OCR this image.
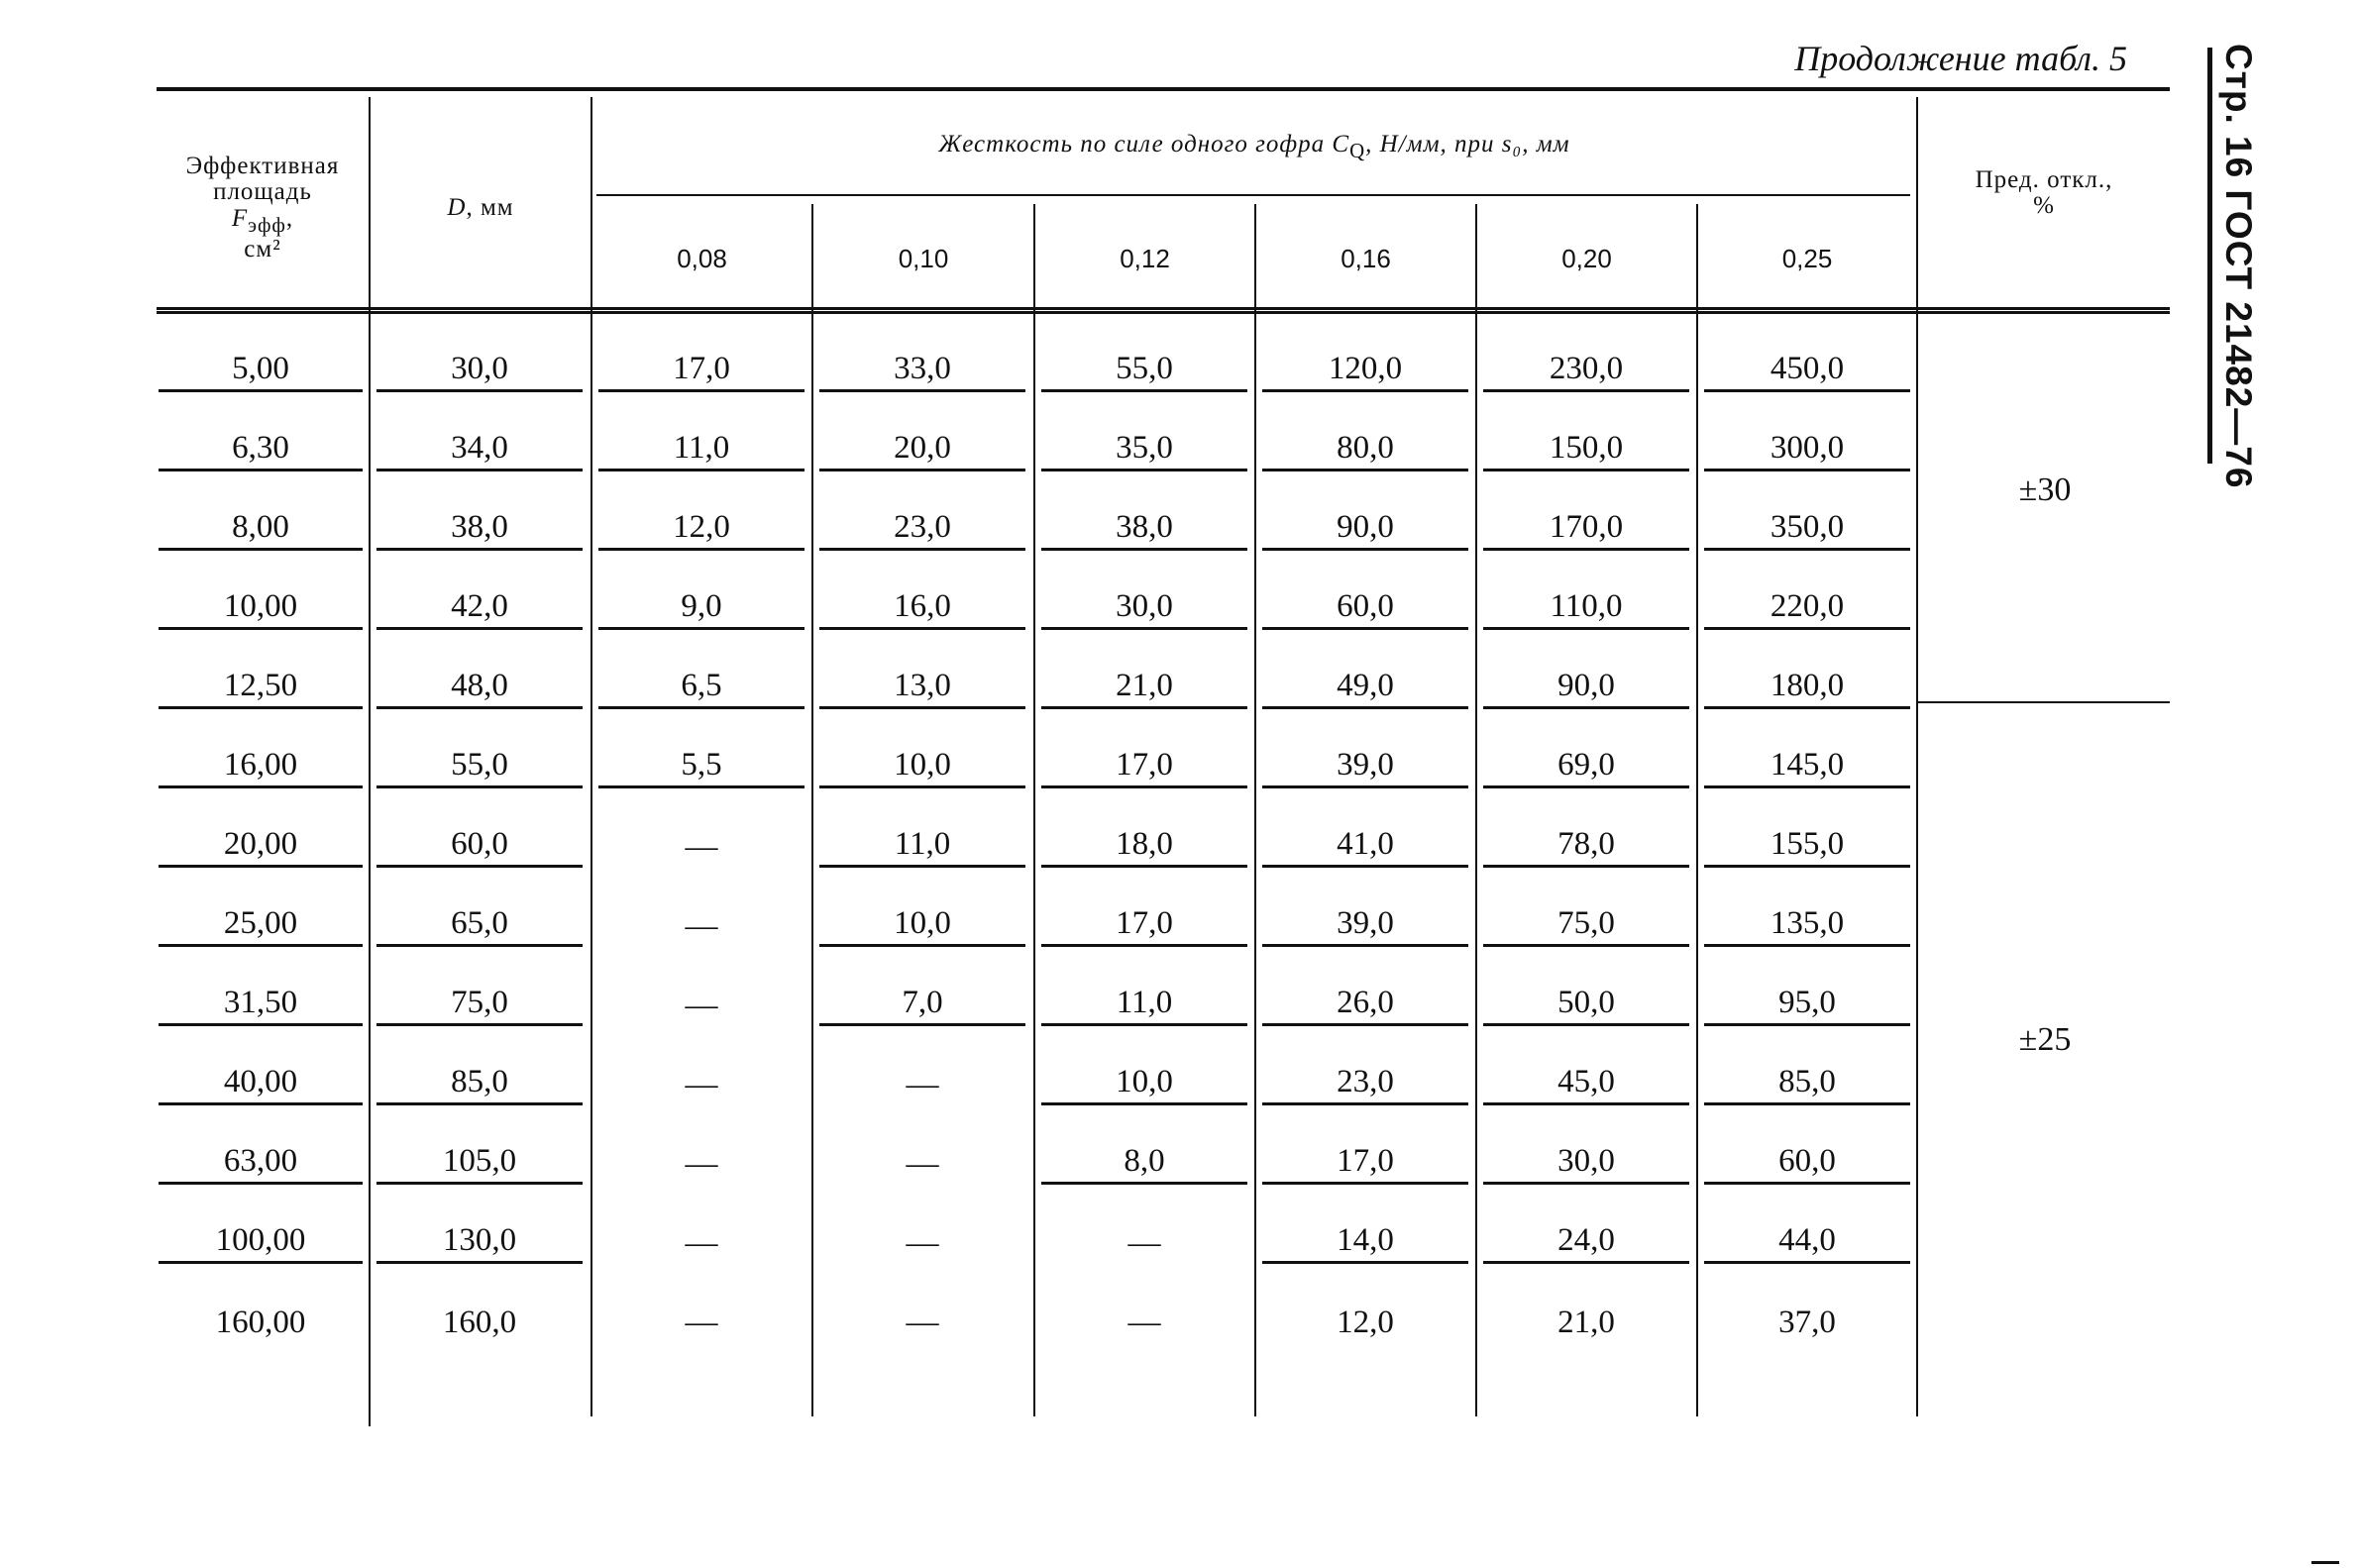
Продолжение табл. 5 Стр. 16 ГОСТ 21482—76
Эффективная
площадь
$F_{эфф}$,
см²
D, мм
Жесткость по силе одного гофра $C_Q$, Н/мм, при s₀, мм
Пред. откл.,
%
0,08	0,10	0,12	0,16	0,20	0,25
5,00	30,0	17,0	33,0	55,0	120,0	230,0	450,0
6,30	34,0	11,0	20,0	35,0	80,0	150,0	300,0
8,00	38,0	12,0	23,0	38,0	90,0	170,0	350,0
10,00	42,0	9,0	16,0	30,0	60,0	110,0	220,0
12,50	48,0	6,5	13,0	21,0	49,0	90,0	180,0
16,00	55,0	5,5	10,0	17,0	39,0	69,0	145,0
20,00	60,0	—	11,0	18,0	41,0	78,0	155,0
25,00	65,0	—	10,0	17,0	39,0	75,0	135,0
31,50	75,0	—	7,0	11,0	26,0	50,0	95,0
40,00	85,0	—	—	10,0	23,0	45,0	85,0
63,00	105,0	—	—	8,0	17,0	30,0	60,0
100,00	130,0	—	—	—	14,0	24,0	44,0
160,00	160,0	—	—	—	12,0	21,0	37,0
±30
±25
